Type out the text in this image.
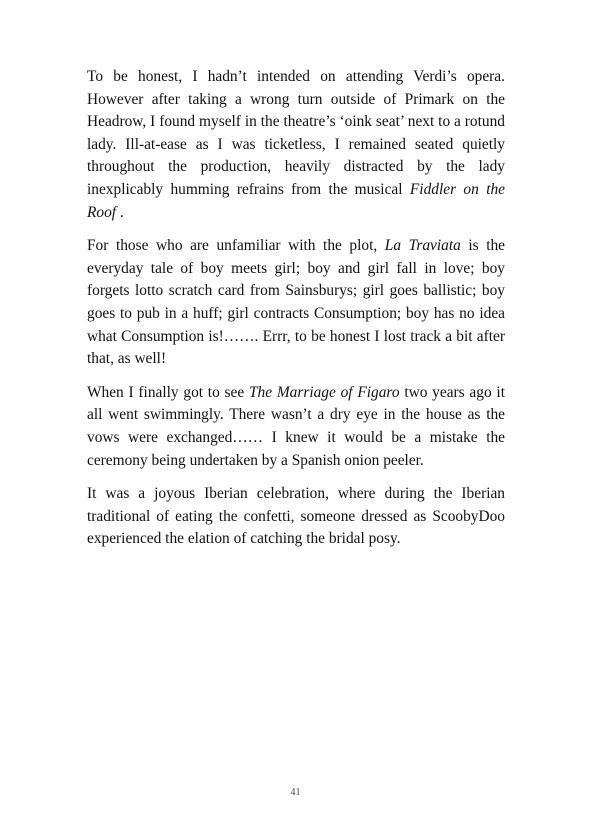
To be honest, I hadn’t intended on attending Verdi’s opera. However after taking a wrong turn outside of Primark on the Headrow, I found myself in the theatre’s ‘oink seat’ next to a rotund lady. Ill-at-ease as I was ticketless, I remained seated quietly throughout the production, heavily distracted by the lady inexplicably humming refrains from the musical Fiddler on the Roof .

For those who are unfamiliar with the plot, La Traviata is the everyday tale of boy meets girl; boy and girl fall in love; boy forgets lotto scratch card from Sainsburys; girl goes ballistic; boy goes to pub in a huff; girl contracts Consumption; boy has no idea what Consumption is!……. Errr, to be honest I lost track a bit after that, as well!

When I finally got to see The Marriage of Figaro two years ago it all went swimmingly. There wasn’t a dry eye in the house as the vows were exchanged…… I knew it would be a mistake the ceremony being undertaken by a Spanish onion peeler.

It was a joyous Iberian celebration, where during the Iberian traditional of eating the confetti, someone dressed as ScoobyDoo experienced the elation of catching the bridal posy.

41
